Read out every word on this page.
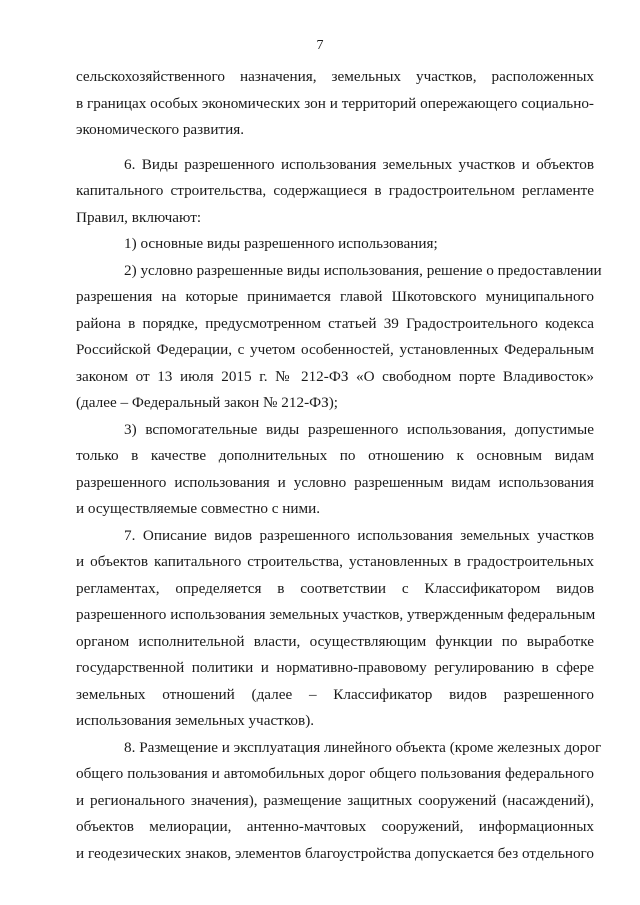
7
сельскохозяйственного назначения, земельных участков, расположенных
в границах особых экономических зон и территорий опережающего социально-
экономического развития.
6. Виды разрешенного использования земельных участков и объектов
капитального строительства, содержащиеся в градостроительном регламенте
Правил, включают:
1) основные виды разрешенного использования;
2) условно разрешенные виды использования, решение о предоставлении
разрешения на которые принимается главой Шкотовского муниципального
района в порядке, предусмотренном статьей 39 Градостроительного кодекса
Российской Федерации, с учетом особенностей, установленных Федеральным
законом от 13 июля 2015 г. № 212-ФЗ «О свободном порте Владивосток»
(далее – Федеральный закон № 212-ФЗ);
3) вспомогательные виды разрешенного использования, допустимые
только в качестве дополнительных по отношению к основным видам
разрешенного использования и условно разрешенным видам использования
и осуществляемые совместно с ними.
7. Описание видов разрешенного использования земельных участков
и объектов капитального строительства, установленных в градостроительных
регламентах, определяется в соответствии с Классификатором видов
разрешенного использования земельных участков, утвержденным федеральным
органом исполнительной власти, осуществляющим функции по выработке
государственной политики и нормативно-правовому регулированию в сфере
земельных отношений (далее – Классификатор видов разрешенного
использования земельных участков).
8. Размещение и эксплуатация линейного объекта (кроме железных дорог
общего пользования и автомобильных дорог общего пользования федерального
и регионального значения), размещение защитных сооружений (насаждений),
объектов мелиорации, антенно-мачтовых сооружений, информационных
и геодезических знаков, элементов благоустройства допускается без отдельного
